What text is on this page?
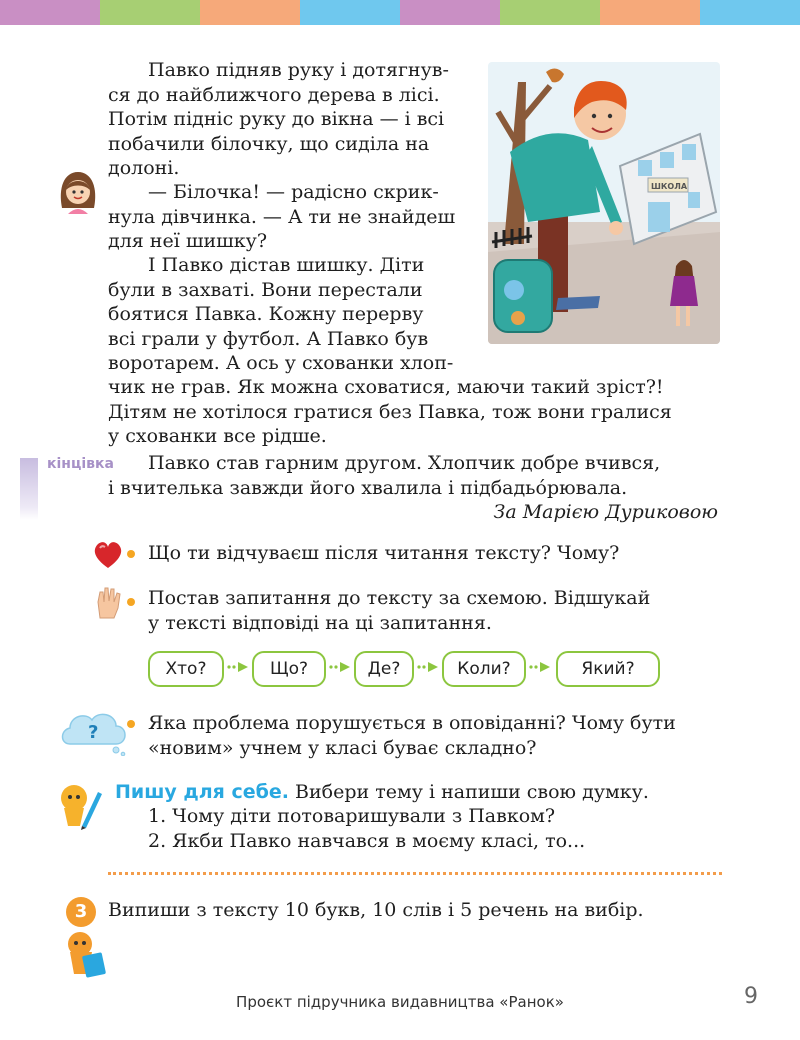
Павко підняв руку і дотягнув-
ся до найближчого дерева в лісі.
Потім підніс руку до вікна — і всі
побачили білочку, що сиділа на
долоні.
— Білочка! — радісно скрик-
нула дівчинка. — А ти не знайдеш
для неї шишку?
І Павко дістав шишку. Діти
були в захваті. Вони перестали
боятися Павка. Кожну перерву
всі грали у футбол. А Павко був
воротарем. А ось у схованки хлоп-
чик не грав. Як можна сховатися, маючи такий зріст?!
Дітям не хотілося гратися без Павка, тож вони гралися
у схованки все рідше.
ШКОЛА
кінцівка	Павко став гарним другом. Хлопчик добре вчився,
і вчителька завжди його хвалила і підбадьо́рювала.
За Марією Дуриковою
Що ти відчуваєш після читання тексту? Чому?
Постав запитання до тексту за схемою. Відшукай
у тексті відповіді на ці запитання.
Хто?	Що?	Де?	Коли?	Який?
?	Яка проблема порушується в оповіданні? Чому бути
«новим» учнем у класі буває складно?
Пишу для себе. Вибери тему і напиши свою думку.
1. Чому діти потоваришували з Павком?
2. Якби Павко навчався в моєму класі, то...
3	Випиши з тексту 10 букв, 10 слів і 5 речень на вибір.
Проєкт підручника видавництва «Ранок»	9
